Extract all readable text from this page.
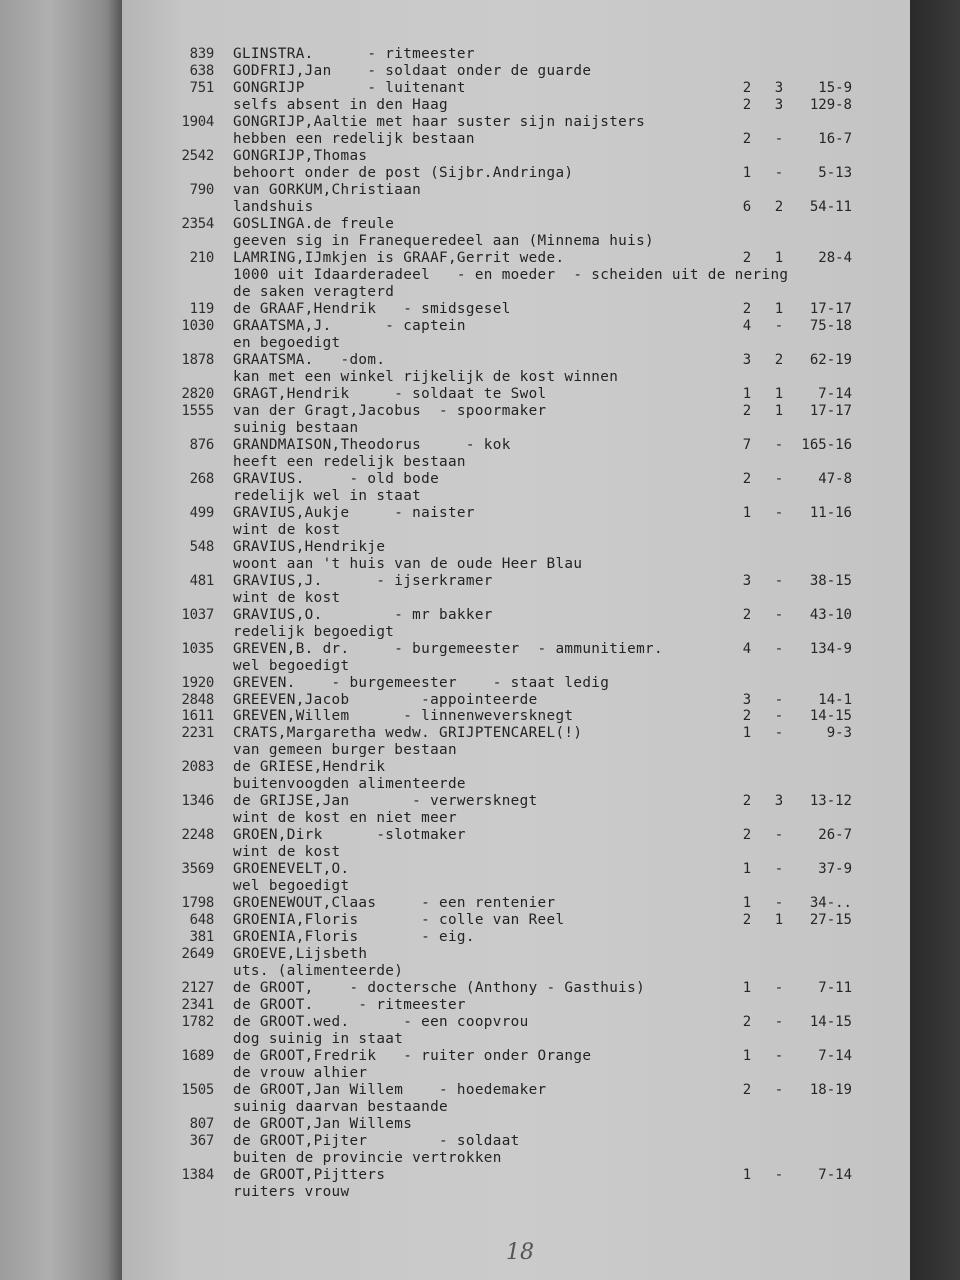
839 GLINSTRA.      - ritmeester
638 GODFRIJ,Jan    - soldaat onder de guarde
751 GONGRIJP       - luitenant	2	3	15-9
selfs absent in den Haag	2	3	129-8
1904 GONGRIJP,Aaltie met haar suster sijn naijsters
hebben een redelijk bestaan	2	-	16-7
2542 GONGRIJP,Thomas
behoort onder de post (Sijbr.Andringa)	1	-	5-13
790 van GORKUM,Christiaan
landshuis	6	2	54-11
2354 GOSLINGA.de freule
geeven sig in Franequeredeel aan (Minnema huis)
210 LAMRING,IJmkjen is GRAAF,Gerrit wede.	2	1	28-4
1000 uit Idaarderadeel   - en moeder  - scheiden uit de nering
de saken veragterd
119 de GRAAF,Hendrik   - smidsgesel	2	1	17-17
1030 GRAATSMA,J.      - captein	4	-	75-18
en begoedigt
1878 GRAATSMA.   -dom.	3	2	62-19
kan met een winkel rijkelijk de kost winnen
2820 GRAGT,Hendrik     - soldaat te Swol	1	1	7-14
1555 van der Gragt,Jacobus  - spoormaker	2	1	17-17
suinig bestaan
876 GRANDMAISON,Theodorus     - kok	7	-	165-16
heeft een redelijk bestaan
268 GRAVIUS.     - old bode	2	-	47-8
redelijk wel in staat
499 GRAVIUS,Aukje     - naister	1	-	11-16
wint de kost
548 GRAVIUS,Hendrikje
woont aan 't huis van de oude Heer Blau
481 GRAVIUS,J.      - ijserkramer	3	-	38-15
wint de kost
1037 GRAVIUS,O.        - mr bakker	2	-	43-10
redelijk begoedigt
1035 GREVEN,B. dr.     - burgemeester  - ammunitiemr.	4	-	134-9
wel begoedigt
1920 GREVEN.    - burgemeester    - staat ledig
2848 GREEVEN,Jacob        -appointeerde	3	-	14-1
1611 GREVEN,Willem      - linnenweversknegt	2	-	14-15
2231 CRATS,Margaretha wedw. GRIJPTENCAREL(!)	1	-	9-3
van gemeen burger bestaan
2083 de GRIESE,Hendrik
buitenvoogden alimenteerde
1346 de GRIJSE,Jan       - verwersknegt	2	3	13-12
wint de kost en niet meer
2248 GROEN,Dirk      -slotmaker	2	-	26-7
wint de kost
3569 GROENEVELT,O.	1	-	37-9
wel begoedigt
1798 GROENEWOUT,Claas     - een rentenier	1	-	34-..
648 GROENIA,Floris       - colle van Reel	2	1	27-15
381 GROENIA,Floris       - eig.
2649 GROEVE,Lijsbeth
uts. (alimenteerde)
2127 de GROOT,    - doctersche (Anthony - Gasthuis)	1	-	7-11
2341 de GROOT.     - ritmeester
1782 de GROOT.wed.      - een coopvrou	2	-	14-15
dog suinig in staat
1689 de GROOT,Fredrik   - ruiter onder Orange	1	-	7-14
de vrouw alhier
1505 de GROOT,Jan Willem    - hoedemaker	2	-	18-19
suinig daarvan bestaande
807 de GROOT,Jan Willems
367 de GROOT,Pijter        - soldaat
buiten de provincie vertrokken
1384 de GROOT,Pijtters	1	-	7-14
ruiters vrouw
18
